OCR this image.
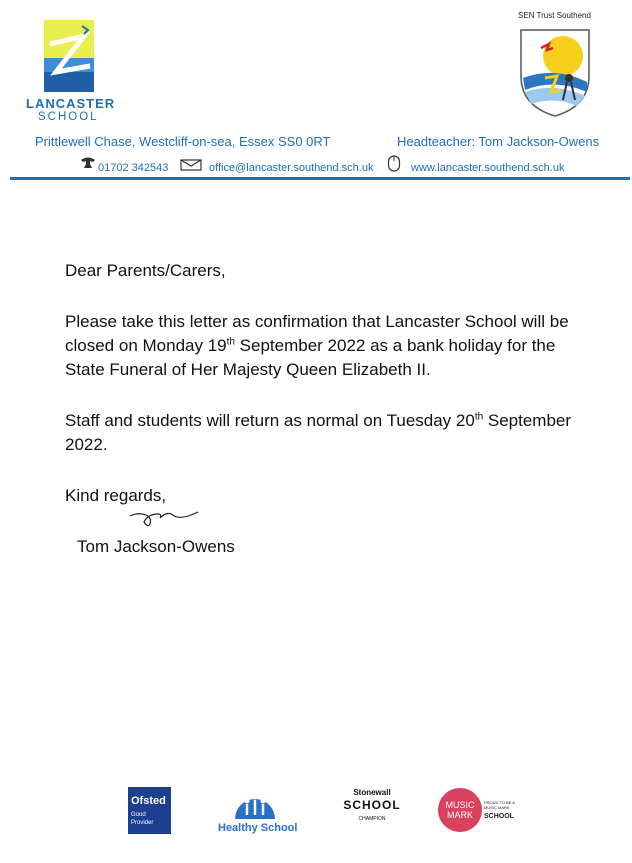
LANCASTER
SCHOOL
SEN Trust Southend
Prittlewell Chase, Westcliff-on-sea, Essex SS0 0RT	Headteacher: Tom Jackson-Owens
01702 342543	office@lancaster.southend.sch.uk	www.lancaster.southend.sch.uk
Dear Parents/Carers,
Please take this letter as confirmation that Lancaster School will be closed on Monday 19th September 2022 as a bank holiday for the State Funeral of Her Majesty Queen Elizabeth II.
Staff and students will return as normal on Tuesday 20th September 2022.
Kind regards,
Tom Jackson-Owens
Ofsted
Good
Provider	Healthy School
Stonewall
SCHOOL
CHAMPION
MUSIC
MARK
PROUD TO BE A MUSIC MARK
SCHOOL
